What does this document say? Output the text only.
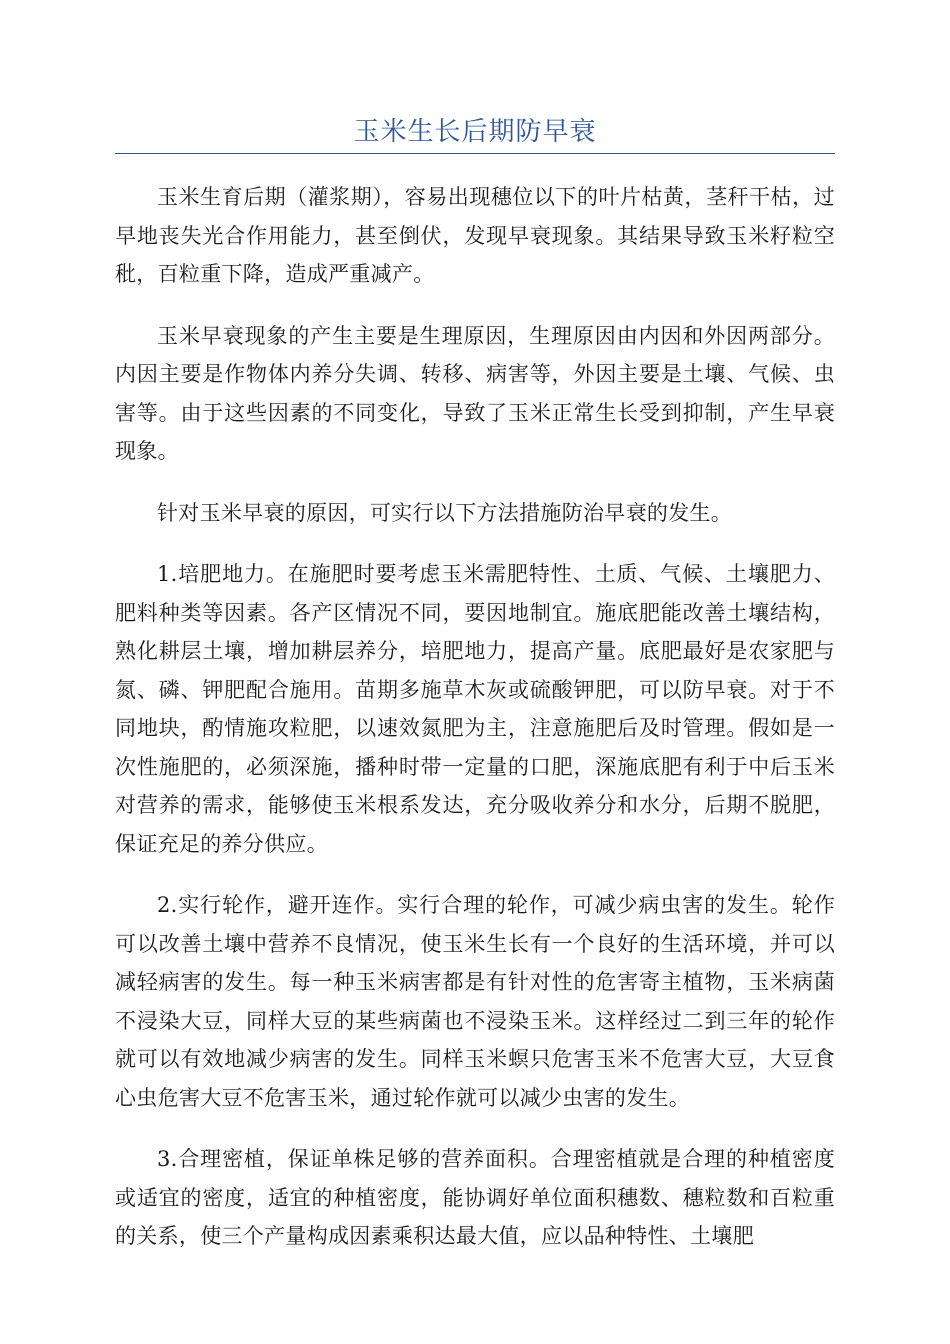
玉米生长后期防早衰

玉米生育后期（灌浆期），容易出现穗位以下的叶片枯黄，茎秆干枯，过早地丧失光合作用能力，甚至倒伏，发现早衰现象。其结果导致玉米籽粒空秕，百粒重下降，造成严重减产。

玉米早衰现象的产生主要是生理原因，生理原因由内因和外因两部分。内因主要是作物体内养分失调、转移、病害等，外因主要是土壤、气候、虫害等。由于这些因素的不同变化，导致了玉米正常生长受到抑制，产生早衰现象。

针对玉米早衰的原因，可实行以下方法措施防治早衰的发生。

1.培肥地力。在施肥时要考虑玉米需肥特性、土质、气候、土壤肥力、肥料种类等因素。各产区情况不同，要因地制宜。施底肥能改善土壤结构，熟化耕层土壤，增加耕层养分，培肥地力，提高产量。底肥最好是农家肥与氮、磷、钾肥配合施用。苗期多施草木灰或硫酸钾肥，可以防早衰。对于不同地块，酌情施攻粒肥，以速效氮肥为主，注意施肥后及时管理。假如是一次性施肥的，必须深施，播种时带一定量的口肥，深施底肥有利于中后玉米对营养的需求，能够使玉米根系发达，充分吸收养分和水分，后期不脱肥，保证充足的养分供应。

2.实行轮作，避开连作。实行合理的轮作，可减少病虫害的发生。轮作可以改善土壤中营养不良情况，使玉米生长有一个良好的生活环境，并可以减轻病害的发生。每一种玉米病害都是有针对性的危害寄主植物，玉米病菌不浸染大豆，同样大豆的某些病菌也不浸染玉米。这样经过二到三年的轮作就可以有效地减少病害的发生。同样玉米螟只危害玉米不危害大豆，大豆食心虫危害大豆不危害玉米，通过轮作就可以减少虫害的发生。

3.合理密植，保证单株足够的营养面积。合理密植就是合理的种植密度或适宜的密度，适宜的种植密度，能协调好单位面积穗数、穗粒数和百粒重的关系，使三个产量构成因素乘积达最大值，应以品种特性、土壤肥
